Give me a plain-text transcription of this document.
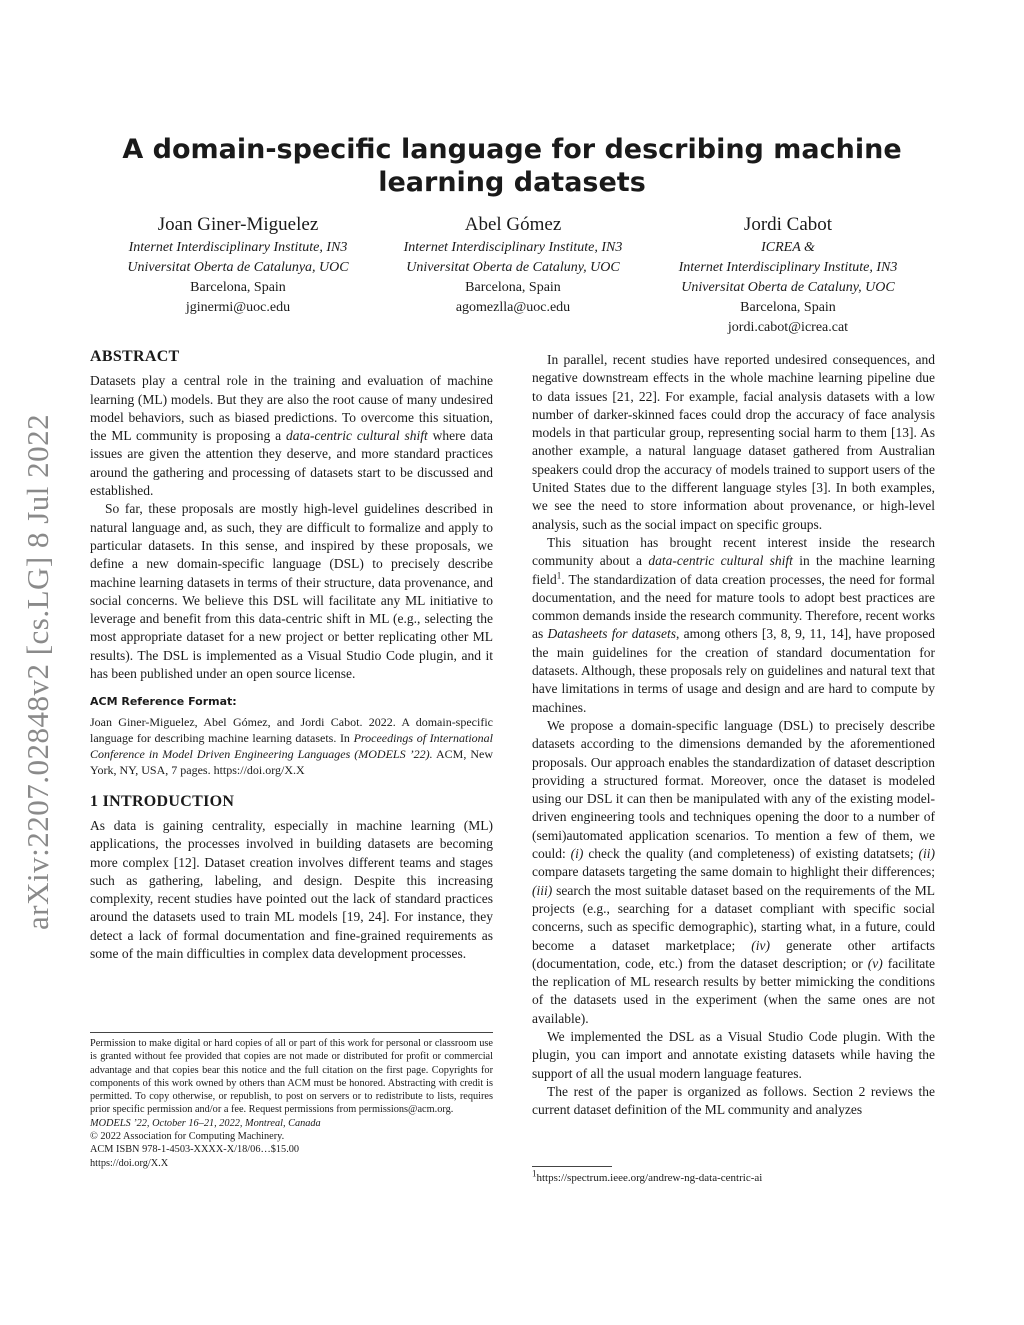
arXiv:2207.02848v2 [cs.LG] 8 Jul 2022
A domain-specific language for describing machine learning datasets
Joan Giner-Miguelez
Internet Interdisciplinary Institute, IN3
Universitat Oberta de Catalunya, UOC
Barcelona, Spain
jginermi@uoc.edu
Abel Gómez
Internet Interdisciplinary Institute, IN3
Universitat Oberta de Cataluny, UOC
Barcelona, Spain
agomezlla@uoc.edu
Jordi Cabot
ICREA &
Internet Interdisciplinary Institute, IN3
Universitat Oberta de Cataluny, UOC
Barcelona, Spain
jordi.cabot@icrea.cat
ABSTRACT

Datasets play a central role in the training and evaluation of machine learning (ML) models. But they are also the root cause of many undesired model behaviors, such as biased predictions. To overcome this situation, the ML community is proposing a data-centric cultural shift where data issues are given the attention they deserve, and more standard practices around the gathering and processing of datasets start to be discussed and established.

So far, these proposals are mostly high-level guidelines described in natural language and, as such, they are difficult to formalize and apply to particular datasets. In this sense, and inspired by these proposals, we define a new domain-specific language (DSL) to precisely describe machine learning datasets in terms of their structure, data provenance, and social concerns. We believe this DSL will facilitate any ML initiative to leverage and benefit from this data-centric shift in ML (e.g., selecting the most appropriate dataset for a new project or better replicating other ML results). The DSL is implemented as a Visual Studio Code plugin, and it has been published under an open source license.

ACM Reference Format:

Joan Giner-Miguelez, Abel Gómez, and Jordi Cabot. 2022. A domain-specific language for describing machine learning datasets. In Proceedings of International Conference in Model Driven Engineering Languages (MODELS ’22). ACM, New York, NY, USA, 7 pages. https://doi.org/X.X

1 INTRODUCTION

As data is gaining centrality, especially in machine learning (ML) applications, the processes involved in building datasets are becoming more complex [12]. Dataset creation involves different teams and stages such as gathering, labeling, and design. Despite this increasing complexity, recent studies have pointed out the lack of standard practices around the datasets used to train ML models [19, 24]. For instance, they detect a lack of formal documentation and fine-grained requirements as some of the main difficulties in complex data development processes.

Permission to make digital or hard copies of all or part of this work for personal or classroom use is granted without fee provided that copies are not made or distributed for profit or commercial advantage and that copies bear this notice and the full citation on the first page. Copyrights for components of this work owned by others than ACM must be honored. Abstracting with credit is permitted. To copy otherwise, or republish, to post on servers or to redistribute to lists, requires prior specific permission and/or a fee. Request permissions from permissions@acm.org.

MODELS ’22, October 16–21, 2022, Montreal, Canada

© 2022 Association for Computing Machinery.

ACM ISBN 978-1-4503-XXXX-X/18/06…$15.00

https://doi.org/X.X

In parallel, recent studies have reported undesired consequences, and negative downstream effects in the whole machine learning pipeline due to data issues [21, 22]. For example, facial analysis datasets with a low number of darker-skinned faces could drop the accuracy of face analysis models in that particular group, representing social harm to them [13]. As another example, a natural language dataset gathered from Australian speakers could drop the accuracy of models trained to support users of the United States due to the different language styles [3]. In both examples, we see the need to store information about provenance, or high-level analysis, such as the social impact on specific groups.

This situation has brought recent interest inside the research community about a data-centric cultural shift in the machine learning field$^1$. The standardization of data creation processes, the need for formal documentation, and the need for mature tools to adopt best practices are common demands inside the research community. Therefore, recent works as Datasheets for datasets, among others [3, 8, 9, 11, 14], have proposed the main guidelines for the creation of standard documentation for datasets. Although, these proposals rely on guidelines and natural text that have limitations in terms of usage and design and are hard to compute by machines.

We propose a domain-specific language (DSL) to precisely describe datasets according to the dimensions demanded by the aforementioned proposals. Our approach enables the standardization of dataset description providing a structured format. Moreover, once the dataset is modeled using our DSL it can then be manipulated with any of the existing model-driven engineering tools and techniques opening the door to a number of (semi)automated application scenarios. To mention a few of them, we could: (i) check the quality (and completeness) of existing datatsets; (ii) compare datasets targeting the same domain to highlight their differences; (iii) search the most suitable dataset based on the requirements of the ML projects (e.g., searching for a dataset compliant with specific social concerns, such as specific demographic), starting what, in a future, could become a dataset marketplace; (iv) generate other artifacts (documentation, code, etc.) from the dataset description; or (v) facilitate the replication of ML research results by better mimicking the conditions of the datasets used in the experiment (when the same ones are not available).

We implemented the DSL as a Visual Studio Code plugin. With the plugin, you can import and annotate existing datasets while having the support of all the usual modern language features.

The rest of the paper is organized as follows. Section 2 reviews the current dataset definition of the ML community and analyzes

$^1$https://spectrum.ieee.org/andrew-ng-data-centric-ai
